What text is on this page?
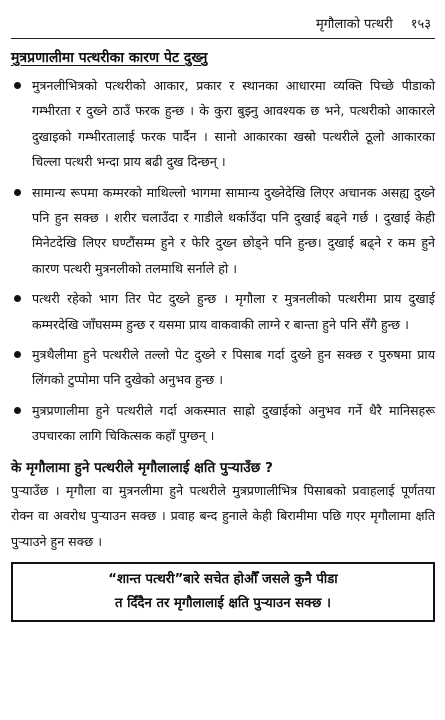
मृगौलाको पत्थरी १५३
मुत्रप्रणालीमा पत्थरीका कारण पेट दुख्नु
मुत्रनलीभित्रको पत्थरीको आकार, प्रकार र स्थानका आधारमा व्यक्ति पिच्छे पीडाको गम्भीरता र दुख्ने ठाउँ फरक हुन्छ । के कुरा बुझ्नु आवश्यक छ भने, पत्थरीको आकारले दुखाइको गम्भीरतालाई फरक पार्दैन । सानो आकारका खस्रो पत्थरीले ठूलो आकारका चिल्ला पत्थरी भन्दा प्राय बढी दुख दिन्छन् ।
सामान्य रूपमा कम्मरको माथिल्लो भागमा सामान्य दुख्नेदेखि लिएर अचानक असह्य दुख्ने पनि हुन सक्छ । शरीर चलाउँदा र गाडीले थर्काउँदा पनि दुखाई बढ्ने गर्छ । दुखाई केही मिनेटदेखि लिएर घण्टौंसम्म हुने र फेरि दुख्न छोड्ने पनि हुन्छ। दुखाई बढ्ने र कम हुने कारण पत्थरी मुत्रनलीको तलमाथि सर्नाले हो ।
पत्थरी रहेको भाग तिर पेट दुख्ने हुन्छ । मृगौला र मुत्रनलीको पत्थरीमा प्राय दुखाई कम्मरदेखि जाँघसम्म हुन्छ र यसमा प्राय वाकवाकी लाग्ने र बान्ता हुने पनि सँगै हुन्छ ।
मुत्रथैलीमा हुने पत्थरीले तल्लो पेट दुख्ने र पिसाब गर्दा दुख्ने हुन सक्छ र पुरुषमा प्राय लिंगको टुप्पोमा पनि दुखेको अनुभव हुन्छ ।
मुत्रप्रणालीमा हुने पत्थरीले गर्दा अकस्मात साह्रो दुखाईको अनुभव गर्ने धैरै मानिसहरू उपचारका लागि चिकित्सक कहाँ पुग्छन् ।
के मृगौलामा हुने पत्थरीले मृगौलालाई क्षति पुऱ्याउँछ ?

पुऱ्याउँछ । मृगौला वा मुत्रनलीमा हुने पत्थरीले मुत्रप्रणालीभित्र पिसाबको प्रवाहलाई पूर्णतया रोक्न वा अवरोध पुऱ्याउन सक्छ । प्रवाह बन्द हुनाले केही बिरामीमा पछि गएर मृगौलामा क्षति पुऱ्याउने हुन सक्छ ।

“शान्त पत्थरी”बारे सचेत होऔँ जसले कुनै पीडा
त दिँदैन तर मृगौलालाई क्षति पुऱ्याउन सक्छ ।
